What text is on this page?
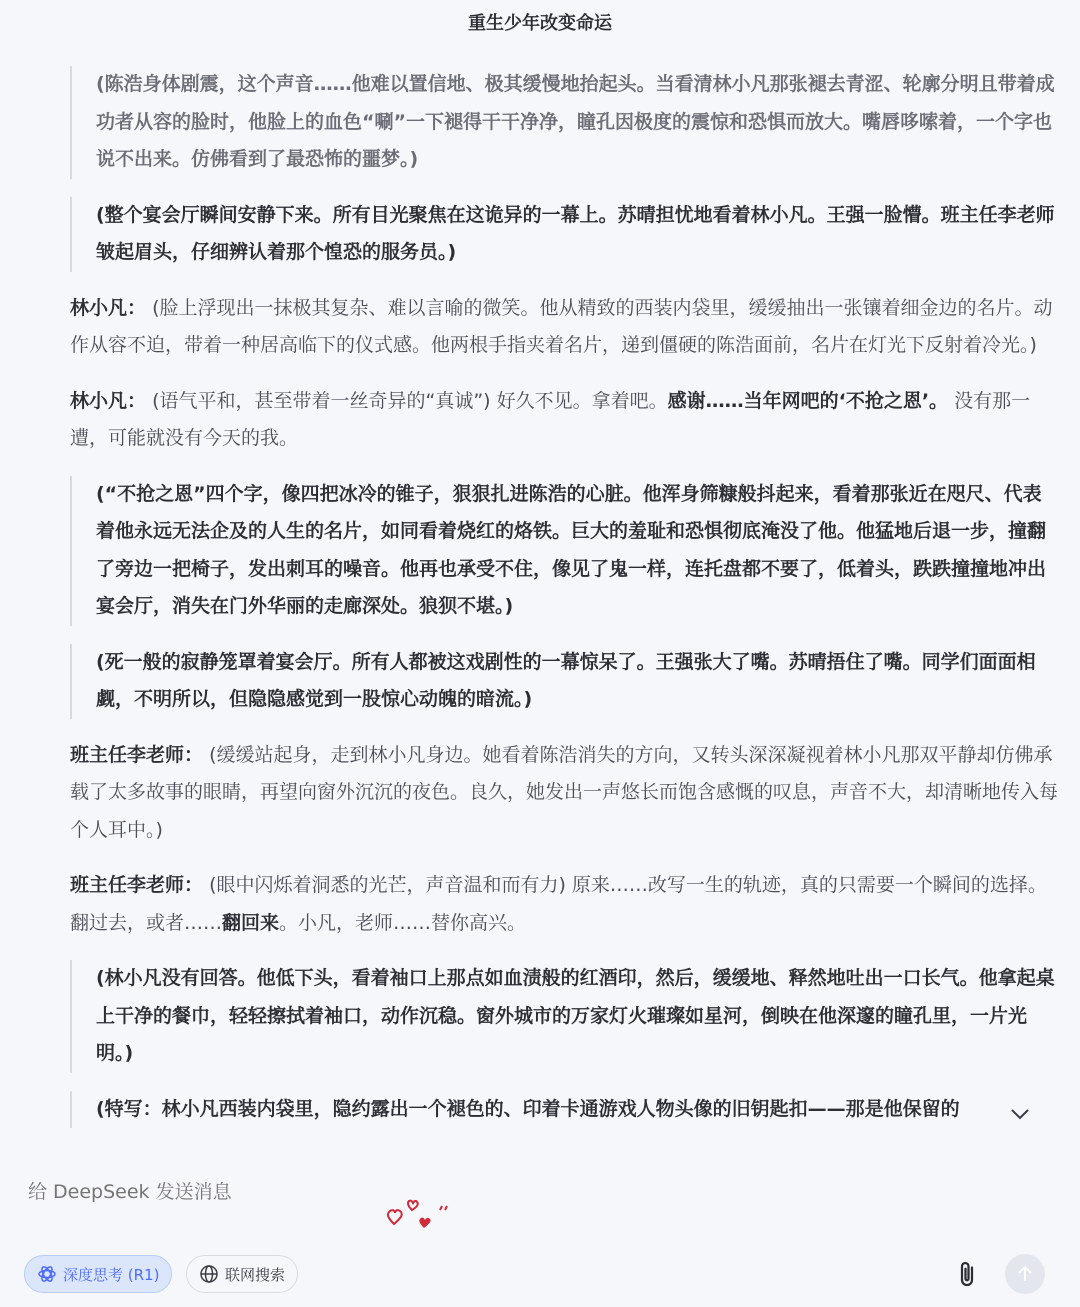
重生少年改变命运
(陈浩身体剧震，这个声音……他难以置信地、极其缓慢地抬起头。当看清林小凡那张褪去青涩、轮廓分明且带着成功者从容的脸时，他脸上的血色“唰”一下褪得干干净净，瞳孔因极度的震惊和恐惧而放大。嘴唇哆嗦着，一个字也说不出来。仿佛看到了最恐怖的噩梦。)
(整个宴会厅瞬间安静下来。所有目光聚焦在这诡异的一幕上。苏晴担忧地看着林小凡。王强一脸懵。班主任李老师皱起眉头，仔细辨认着那个惶恐的服务员。)
林小凡： (脸上浮现出一抹极其复杂、难以言喻的微笑。他从精致的西装内袋里，缓缓抽出一张镶着细金边的名片。动作从容不迫，带着一种居高临下的仪式感。他两根手指夹着名片，递到僵硬的陈浩面前，名片在灯光下反射着冷光。)
林小凡： (语气平和，甚至带着一丝奇异的“真诚”) 好久不见。拿着吧。感谢……当年网吧的‘不抢之恩’。 没有那一遭，可能就没有今天的我。
(“不抢之恩”四个字，像四把冰冷的锥子，狠狠扎进陈浩的心脏。他浑身筛糠般抖起来，看着那张近在咫尺、代表着他永远无法企及的人生的名片，如同看着烧红的烙铁。巨大的羞耻和恐惧彻底淹没了他。他猛地后退一步，撞翻了旁边一把椅子，发出刺耳的噪音。他再也承受不住，像见了鬼一样，连托盘都不要了，低着头，跌跌撞撞地冲出宴会厅，消失在门外华丽的走廊深处。狼狈不堪。)
(死一般的寂静笼罩着宴会厅。所有人都被这戏剧性的一幕惊呆了。王强张大了嘴。苏晴捂住了嘴。同学们面面相觑，不明所以，但隐隐感觉到一股惊心动魄的暗流。)
班主任李老师： (缓缓站起身，走到林小凡身边。她看着陈浩消失的方向，又转头深深凝视着林小凡那双平静却仿佛承载了太多故事的眼睛，再望向窗外沉沉的夜色。良久，她发出一声悠长而饱含感慨的叹息，声音不大，却清晰地传入每个人耳中。)
班主任李老师： (眼中闪烁着洞悉的光芒，声音温和而有力) 原来……改写一生的轨迹，真的只需要一个瞬间的选择。翻过去，或者……翻回来。小凡，老师……替你高兴。
(林小凡没有回答。他低下头，看着袖口上那点如血渍般的红酒印，然后，缓缓地、释然地吐出一口长气。他拿起桌上干净的餐巾，轻轻擦拭着袖口，动作沉稳。窗外城市的万家灯火璀璨如星河，倒映在他深邃的瞳孔里，一片光明。)
(特写：林小凡西装内袋里，隐约露出一个褪色的、印着卡通游戏人物头像的旧钥匙扣——那是他保留的
给 DeepSeek 发送消息
深度思考 (R1)	联网搜索
